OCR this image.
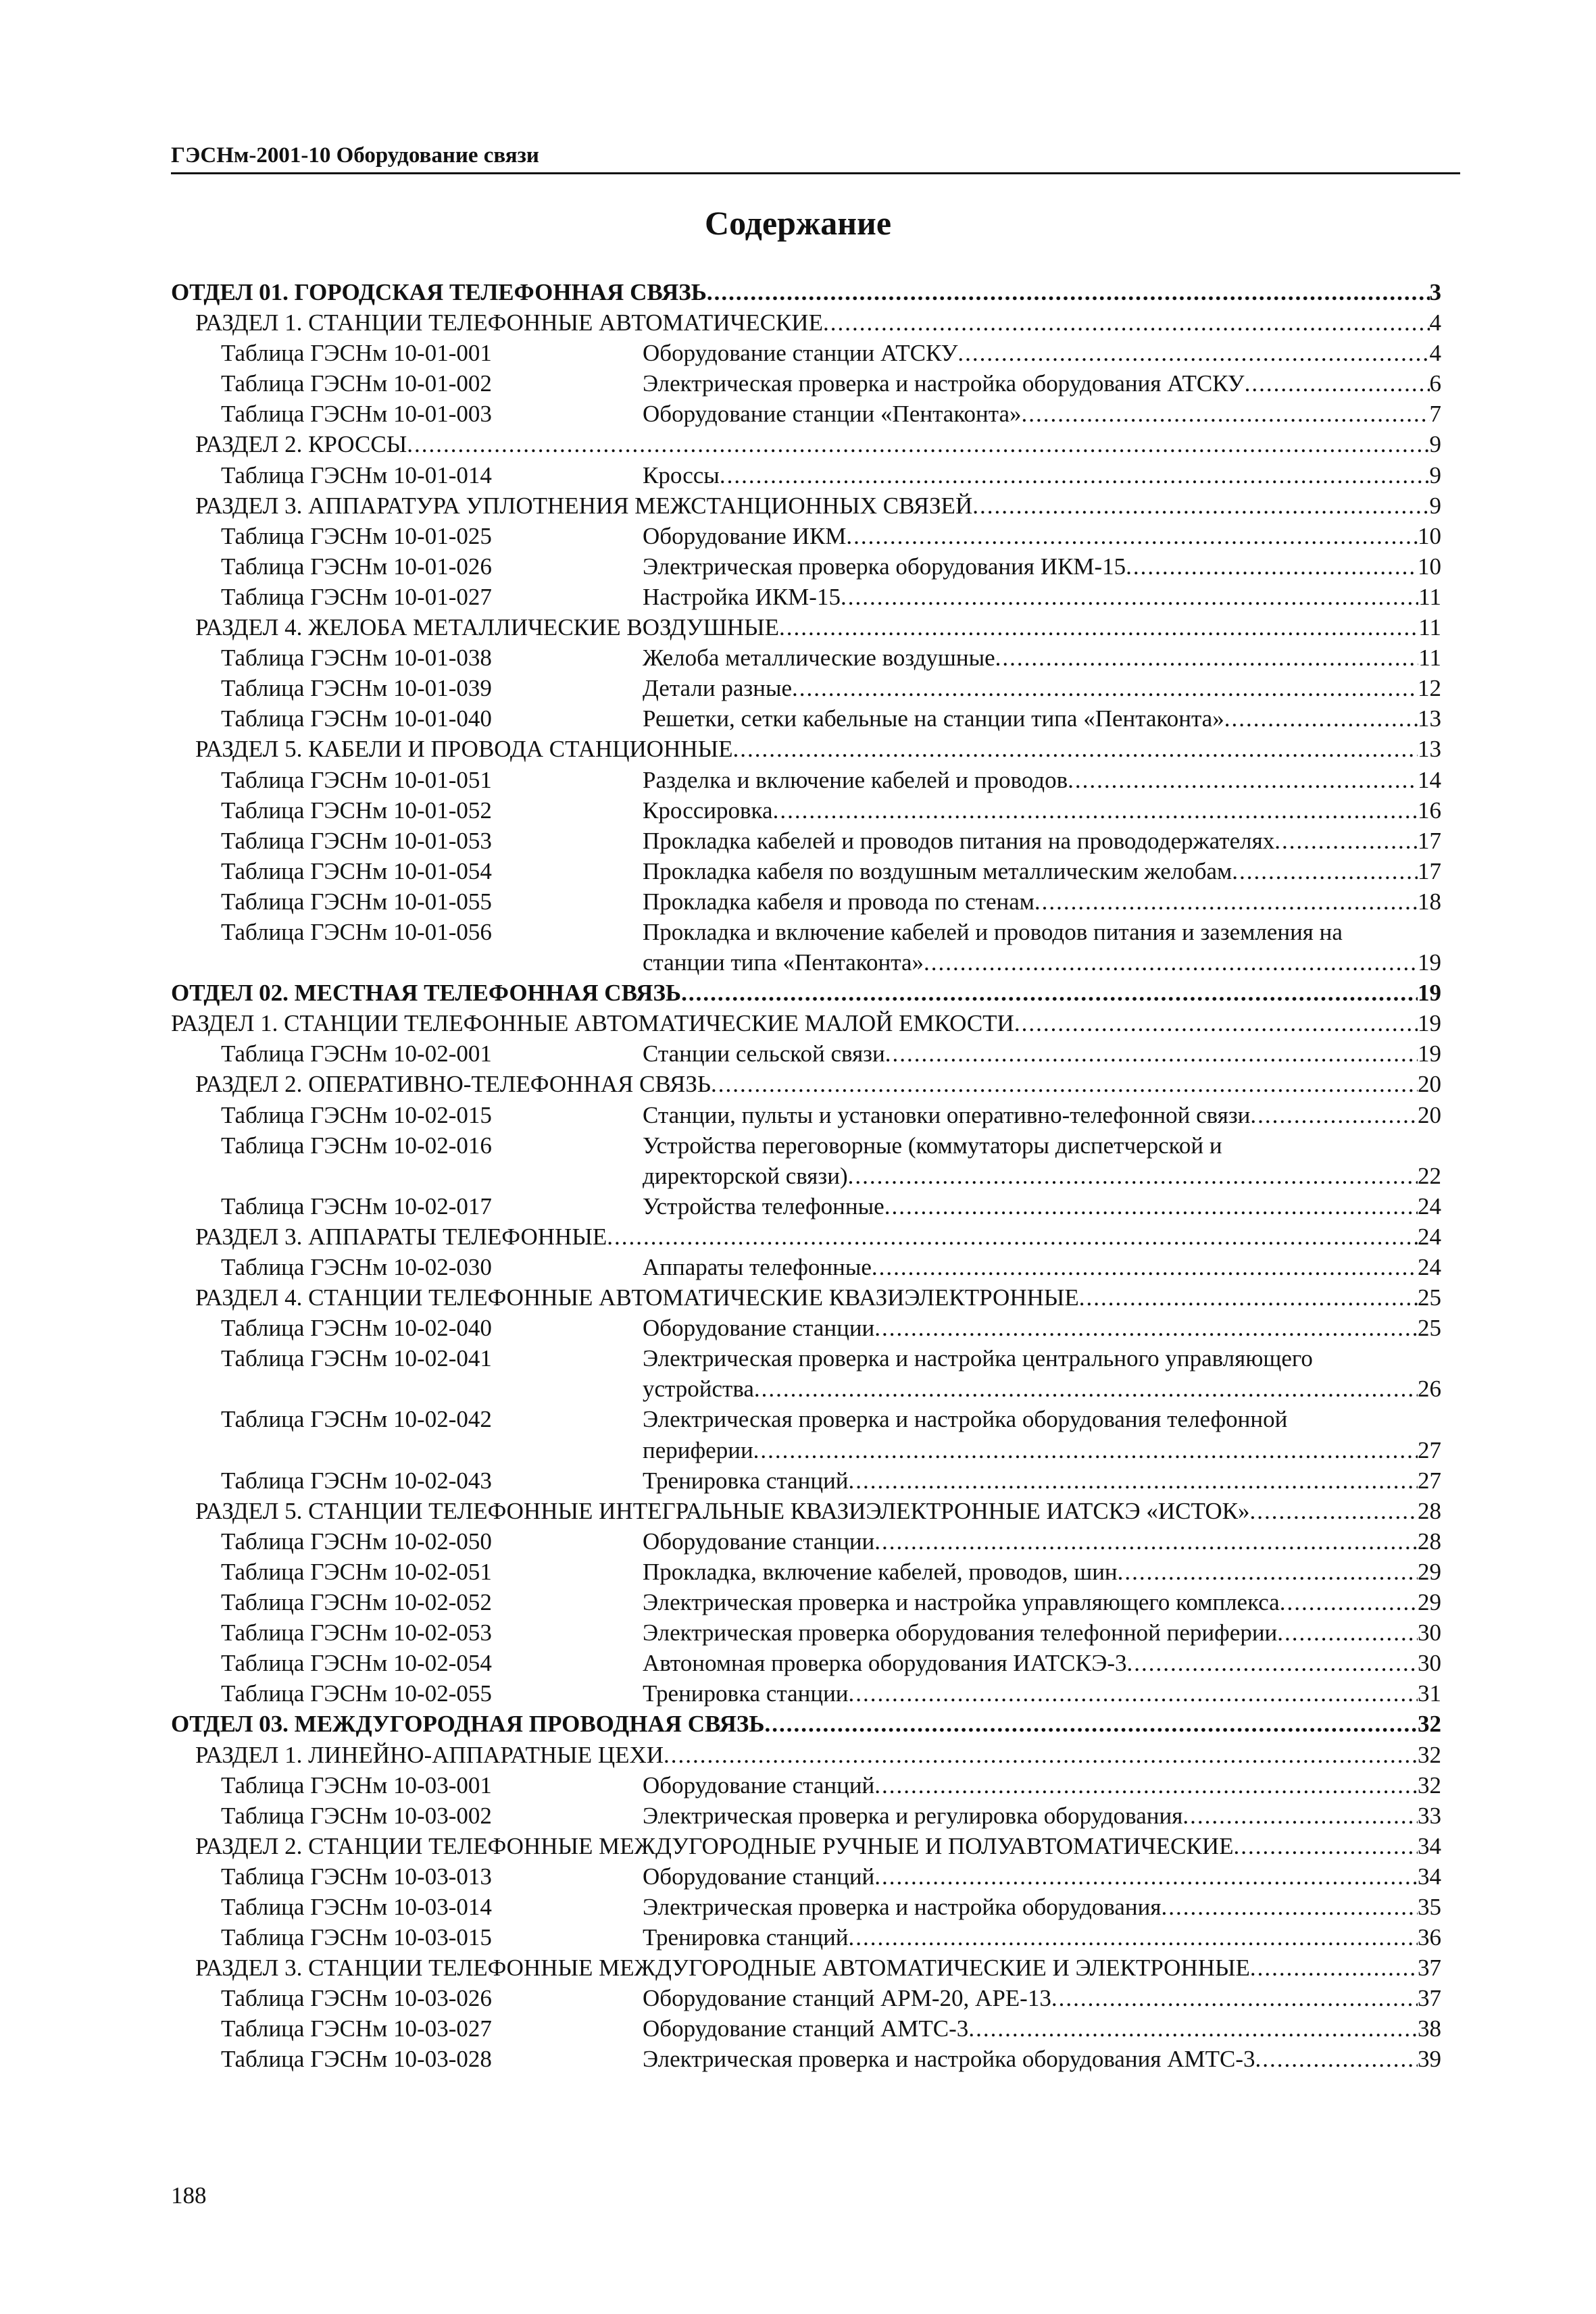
ГЭСНм-2001-10 Оборудование связи
Содержание
ОТДЕЛ 01. ГОРОДСКАЯ ТЕЛЕФОННАЯ СВЯЗЬ .....	3
РАЗДЕЛ 1. СТАНЦИИ ТЕЛЕФОННЫЕ АВТОМАТИЧЕСКИЕ .....	4
Таблица ГЭСНм 10-01-001	Оборудование станции АТСКУ .....	4
Таблица ГЭСНм 10-01-002	Электрическая проверка и настройка оборудования АТСКУ .....	6
Таблица ГЭСНм 10-01-003	Оборудование станции «Пентаконта» .....	7
РАЗДЕЛ 2. КРОССЫ .....	9
Таблица ГЭСНм 10-01-014	Кроссы .....	9
РАЗДЕЛ 3. АППАРАТУРА УПЛОТНЕНИЯ МЕЖСТАНЦИОННЫХ СВЯЗЕЙ .....	9
Таблица ГЭСНм 10-01-025	Оборудование ИКМ .....	10
Таблица ГЭСНм 10-01-026	Электрическая проверка оборудования ИКМ-15 .....	10
Таблица ГЭСНм 10-01-027	Настройка ИКМ-15 .....	11
РАЗДЕЛ 4. ЖЕЛОБА МЕТАЛЛИЧЕСКИЕ ВОЗДУШНЫЕ .....	11
Таблица ГЭСНм 10-01-038	Желоба металлические воздушные .....	11
Таблица ГЭСНм 10-01-039	Детали разные .....	12
Таблица ГЭСНм 10-01-040	Решетки, сетки кабельные на станции типа «Пентаконта» .....	13
РАЗДЕЛ 5. КАБЕЛИ И ПРОВОДА СТАНЦИОННЫЕ .....	13
Таблица ГЭСНм 10-01-051	Разделка и включение кабелей и проводов .....	14
Таблица ГЭСНм 10-01-052	Кроссировка .....	16
Таблица ГЭСНм 10-01-053	Прокладка кабелей и проводов питания на провододержателях .....	17
Таблица ГЭСНм 10-01-054	Прокладка кабеля по воздушным металлическим желобам .....	17
Таблица ГЭСНм 10-01-055	Прокладка кабеля и провода по стенам .....	18
Таблица ГЭСНм 10-01-056	Прокладка и включение кабелей и проводов питания и заземления на
станции типа «Пентаконта» .....	19
ОТДЕЛ 02. МЕСТНАЯ ТЕЛЕФОННАЯ СВЯЗЬ .....	19
РАЗДЕЛ 1. СТАНЦИИ ТЕЛЕФОННЫЕ АВТОМАТИЧЕСКИЕ МАЛОЙ ЕМКОСТИ .....	19
Таблица ГЭСНм 10-02-001	Станции сельской связи .....	19
РАЗДЕЛ 2. ОПЕРАТИВНО-ТЕЛЕФОННАЯ СВЯЗЬ .....	20
Таблица ГЭСНм 10-02-015	Станции, пульты и установки оперативно-телефонной связи .....	20
Таблица ГЭСНм 10-02-016	Устройства переговорные (коммутаторы диспетчерской и
директорской связи) .....	22
Таблица ГЭСНм 10-02-017	Устройства телефонные .....	24
РАЗДЕЛ 3. АППАРАТЫ ТЕЛЕФОННЫЕ .....	24
Таблица ГЭСНм 10-02-030	Аппараты телефонные .....	24
РАЗДЕЛ 4. СТАНЦИИ ТЕЛЕФОННЫЕ АВТОМАТИЧЕСКИЕ КВАЗИЭЛЕКТРОННЫЕ .....	25
Таблица ГЭСНм 10-02-040	Оборудование станции .....	25
Таблица ГЭСНм 10-02-041	Электрическая проверка и настройка центрального управляющего
устройства .....	26
Таблица ГЭСНм 10-02-042	Электрическая проверка и настройка оборудования телефонной
периферии .....	27
Таблица ГЭСНм 10-02-043	Тренировка станций .....	27
РАЗДЕЛ 5. СТАНЦИИ ТЕЛЕФОННЫЕ ИНТЕГРАЛЬНЫЕ КВАЗИЭЛЕКТРОННЫЕ ИАТСКЭ «ИСТОК» .....	28
Таблица ГЭСНм 10-02-050	Оборудование станции .....	28
Таблица ГЭСНм 10-02-051	Прокладка, включение кабелей, проводов, шин .....	29
Таблица ГЭСНм 10-02-052	Электрическая проверка и настройка управляющего комплекса .....	29
Таблица ГЭСНм 10-02-053	Электрическая проверка оборудования телефонной периферии .....	30
Таблица ГЭСНм 10-02-054	Автономная проверка оборудования ИАТСКЭ-3 .....	30
Таблица ГЭСНм 10-02-055	Тренировка станции .....	31
ОТДЕЛ 03. МЕЖДУГОРОДНАЯ ПРОВОДНАЯ СВЯЗЬ .....	32
РАЗДЕЛ 1. ЛИНЕЙНО-АППАРАТНЫЕ ЦЕХИ .....	32
Таблица ГЭСНм 10-03-001	Оборудование станций .....	32
Таблица ГЭСНм 10-03-002	Электрическая проверка и регулировка оборудования .....	33
РАЗДЕЛ 2. СТАНЦИИ ТЕЛЕФОННЫЕ МЕЖДУГОРОДНЫЕ РУЧНЫЕ И ПОЛУАВТОМАТИЧЕСКИЕ .....	34
Таблица ГЭСНм 10-03-013	Оборудование станций .....	34
Таблица ГЭСНм 10-03-014	Электрическая проверка и настройка оборудования .....	35
Таблица ГЭСНм 10-03-015	Тренировка станций .....	36
РАЗДЕЛ 3. СТАНЦИИ ТЕЛЕФОННЫЕ МЕЖДУГОРОДНЫЕ АВТОМАТИЧЕСКИЕ И ЭЛЕКТРОННЫЕ .....	37
Таблица ГЭСНм 10-03-026	Оборудование станций АРМ-20, АРЕ-13 .....	37
Таблица ГЭСНм 10-03-027	Оборудование станций АМТС-3 .....	38
Таблица ГЭСНм 10-03-028	Электрическая проверка и настройка оборудования АМТС-3 .....	39
188
